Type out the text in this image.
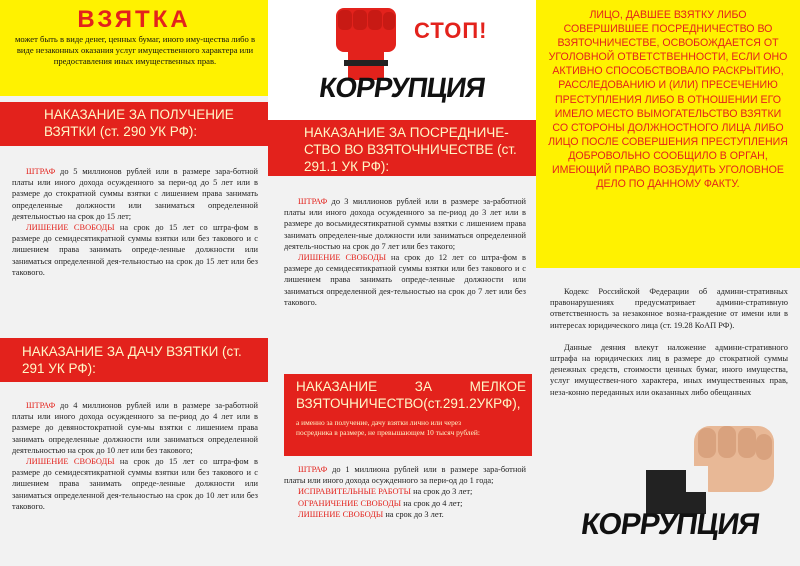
ВЗЯТКА
может быть в виде денег, ценных бумаг, иного иму-щества либо в виде незаконных оказания услуг имущественного характера или предоставления иных имущественных прав.
НАКАЗАНИЕ ЗА ПОЛУЧЕНИЕ ВЗЯТКИ (ст. 290 УК РФ):

ШТРАФ до 5 миллионов рублей или в размере зара-ботной платы или иного дохода осужденного за пери-од до 5 лет или в размере до стократной суммы взятки с лишением права занимать определенные должности или заниматься определенной деятельностью на срок до 15 лет;

ЛИШЕНИЕ СВОБОДЫ на срок до 15 лет со штра-фом в размере до семидесятикратной суммы взятки или без такового и с лишением права занимать опреде-ленные должности или заниматься определенной дея-тельностью на срок до 15 лет или без такового.

НАКАЗАНИЕ ЗА ДАЧУ ВЗЯТКИ (ст. 291 УК РФ):

ШТРАФ до 4 миллионов рублей или в размере за-работной платы или иного дохода осужденного за пе-риод до 4 лет или в размере до девяностократной сум-мы взятки с лишением права занимать определенные должности или заниматься определенной деятельностью на срок до 10 лет или без такового;

ЛИШЕНИЕ СВОБОДЫ на срок до 15 лет со штра-фом в размере до семидесятикратной суммы взятки или без такового и с лишением права занимать опреде-ленные должности или заниматься определенной дея-тельностью на срок до 10 лет или без такового.

СТОП!
КОРРУПЦИЯ
НАКАЗАНИЕ ЗА ПОСРЕДНИЧЕ-СТВО ВО ВЗЯТОЧНИЧЕСТВЕ (ст. 291.1 УК РФ):

ШТРАФ до 3 миллионов рублей или в размере за-работной платы или иного дохода осужденного за пе-риод до 3 лет или в размере до восьмидесятикратной суммы взятки с лишением права занимать определен-ные должности или заниматься определенной деятель-ностью на срок до 7 лет или без такого;

ЛИШЕНИЕ СВОБОДЫ на срок до 12 лет со штра-фом в размере до семидесятикратной суммы взятки или без такового и с лишением права занимать опреде-ленные должности или заниматься определенной дея-тельностью на срок до 7 лет или без такового.

НАКАЗАНИЕ ЗА МЕЛКОЕ ВЗЯТОЧНИЧЕСТВО(ст.291.2УКРФ),
а именно за получение, дачу взятки лично или через посредника в размере, не превышающем 10 тысяч рублей:

ШТРАФ до 1 миллиона рублей или в размере зара-ботной платы или иного дохода осужденного за пери-од до 1 года;

ИСПРАВИТЕЛЬНЫЕ РАБОТЫ на срок до 3 лет;

ОГРАНИЧЕНИЕ СВОБОДЫ на срок до 4 лет;

ЛИШЕНИЕ СВОБОДЫ на срок до 3 лет.

ЛИЦО, ДАВШЕЕ ВЗЯТКУ ЛИБО СОВЕРШИВШЕЕ ПОСРЕДНИЧЕСТВО ВО ВЗЯТОЧНИЧЕСТВЕ, ОСВОБОЖДАЕТСЯ ОТ УГОЛОВНОЙ ОТВЕТСТВЕННОСТИ, ЕСЛИ ОНО АКТИВНО СПОСОБСТВОВАЛО РАСКРЫТИЮ, РАССЛЕДОВАНИЮ И (ИЛИ) ПРЕСЕЧЕНИЮ ПРЕСТУПЛЕНИЯ ЛИБО В ОТНОШЕНИИ ЕГО ИМЕЛО МЕСТО ВЫМОГАТЕЛЬСТВО ВЗЯТКИ СО СТОРОНЫ ДОЛЖНОСТНОГО ЛИЦА ЛИБО ЛИЦО ПОСЛЕ СОВЕРШЕНИЯ ПРЕСТУПЛЕНИЯ ДОБРОВОЛЬНО СООБЩИЛО В ОРГАН, ИМЕЮЩИЙ ПРАВО ВОЗБУДИТЬ УГОЛОВНОЕ ДЕЛО ПО ДАННОМУ ФАКТУ.

Кодекс Российской Федерации об админи-стративных правонарушениях предусматривает админи-стративную ответственность за незаконное возна-граждение от имени или в интересах юридического лица (ст. 19.28 КоАП РФ).

Данные деяния влекут наложение админи-стративного штрафа на юридических лиц в размере до стократной суммы денежных средств, стоимости ценных бумаг, иного имущества, услуг имуществен-ного характера, иных имущественных прав, неза-конно переданных или оказанных либо обещанных

КОРРУПЦИЯ
